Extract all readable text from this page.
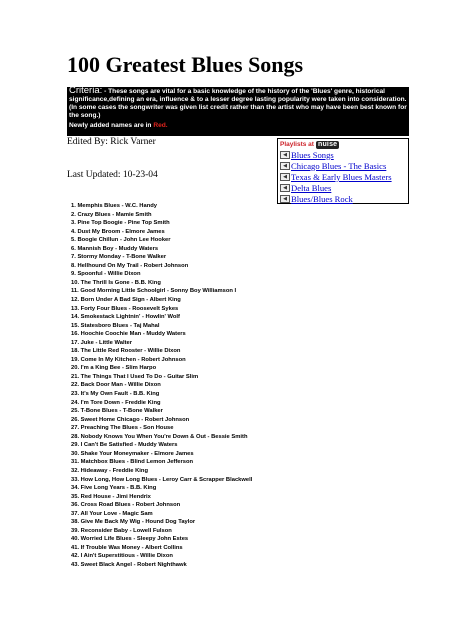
100 Greatest Blues Songs
Criteria: - These songs are vital for a basic knowledge of the history of the 'Blues' genre, historical significance,defining an era, influence & to a lesser degree lasting popularity were taken into consideration. (In some cases the songwriter was given list credit rather than the artist who may have been best known for the song.)
Newly added names are in Red.
Edited By: Rick Varner
Last Updated: 10-23-04
Playlists at nuise
◀ Blues Songs
◀ Chicago Blues - The Basics
◀ Texas & Early Blues Masters
◀ Delta Blues
◀ Blues/Blues Rock
1. Memphis Blues - W.C. Handy
2. Crazy Blues - Mamie Smith
3. Pine Top Boogie - Pine Top Smith
4. Dust My Broom - Elmore James
5. Boogie Chillun - John Lee Hooker
6. Mannish Boy - Muddy Waters
7. Stormy Monday - T-Bone Walker
8. Hellhound On My Trail - Robert Johnson
9. Spoonful - Willie Dixon
10. The Thrill Is Gone - B.B. King
11. Good Morning Little Schoolgirl - Sonny Boy Williamson I
12. Born Under A Bad Sign - Albert King
13. Forty Four Blues - Roosevelt Sykes
14. Smokestack Lightnin' - Howlin' Wolf
15. Statesboro Blues - Taj Mahal
16. Hoochie Coochie Man - Muddy Waters
17. Juke - Little Walter
18. The Little Red Rooster - Willie Dixon
19. Come In My Kitchen - Robert Johnson
20. I'm a King Bee - Slim Harpo
21. The Things That I Used To Do - Guitar Slim
22. Back Door Man - Willie Dixon
23. It's My Own Fault - B.B. King
24. I'm Tore Down - Freddie King
25. T-Bone Blues - T-Bone Walker
26. Sweet Home Chicago - Robert Johnson
27. Preaching The Blues - Son House
28. Nobody Knows You When You're Down & Out - Bessie Smith
29. I Can't Be Satisfied - Muddy Waters
30. Shake Your Moneymaker - Elmore James
31. Matchbox Blues - Blind Lemon Jefferson
32. Hideaway - Freddie King
33. How Long, How Long Blues - Leroy Carr & Scrapper Blackwell
34. Five Long Years - B.B. King
35. Red House - Jimi Hendrix
36. Cross Road Blues - Robert Johnson
37. All Your Love - Magic Sam
38. Give Me Back My Wig - Hound Dog Taylor
39. Reconsider Baby - Lowell Fulson
40. Worried Life Blues - Sleepy John Estes
41. If Trouble Was Money - Albert Collins
42. I Ain't Superstitious - Willie Dixon
43. Sweet Black Angel - Robert Nighthawk
